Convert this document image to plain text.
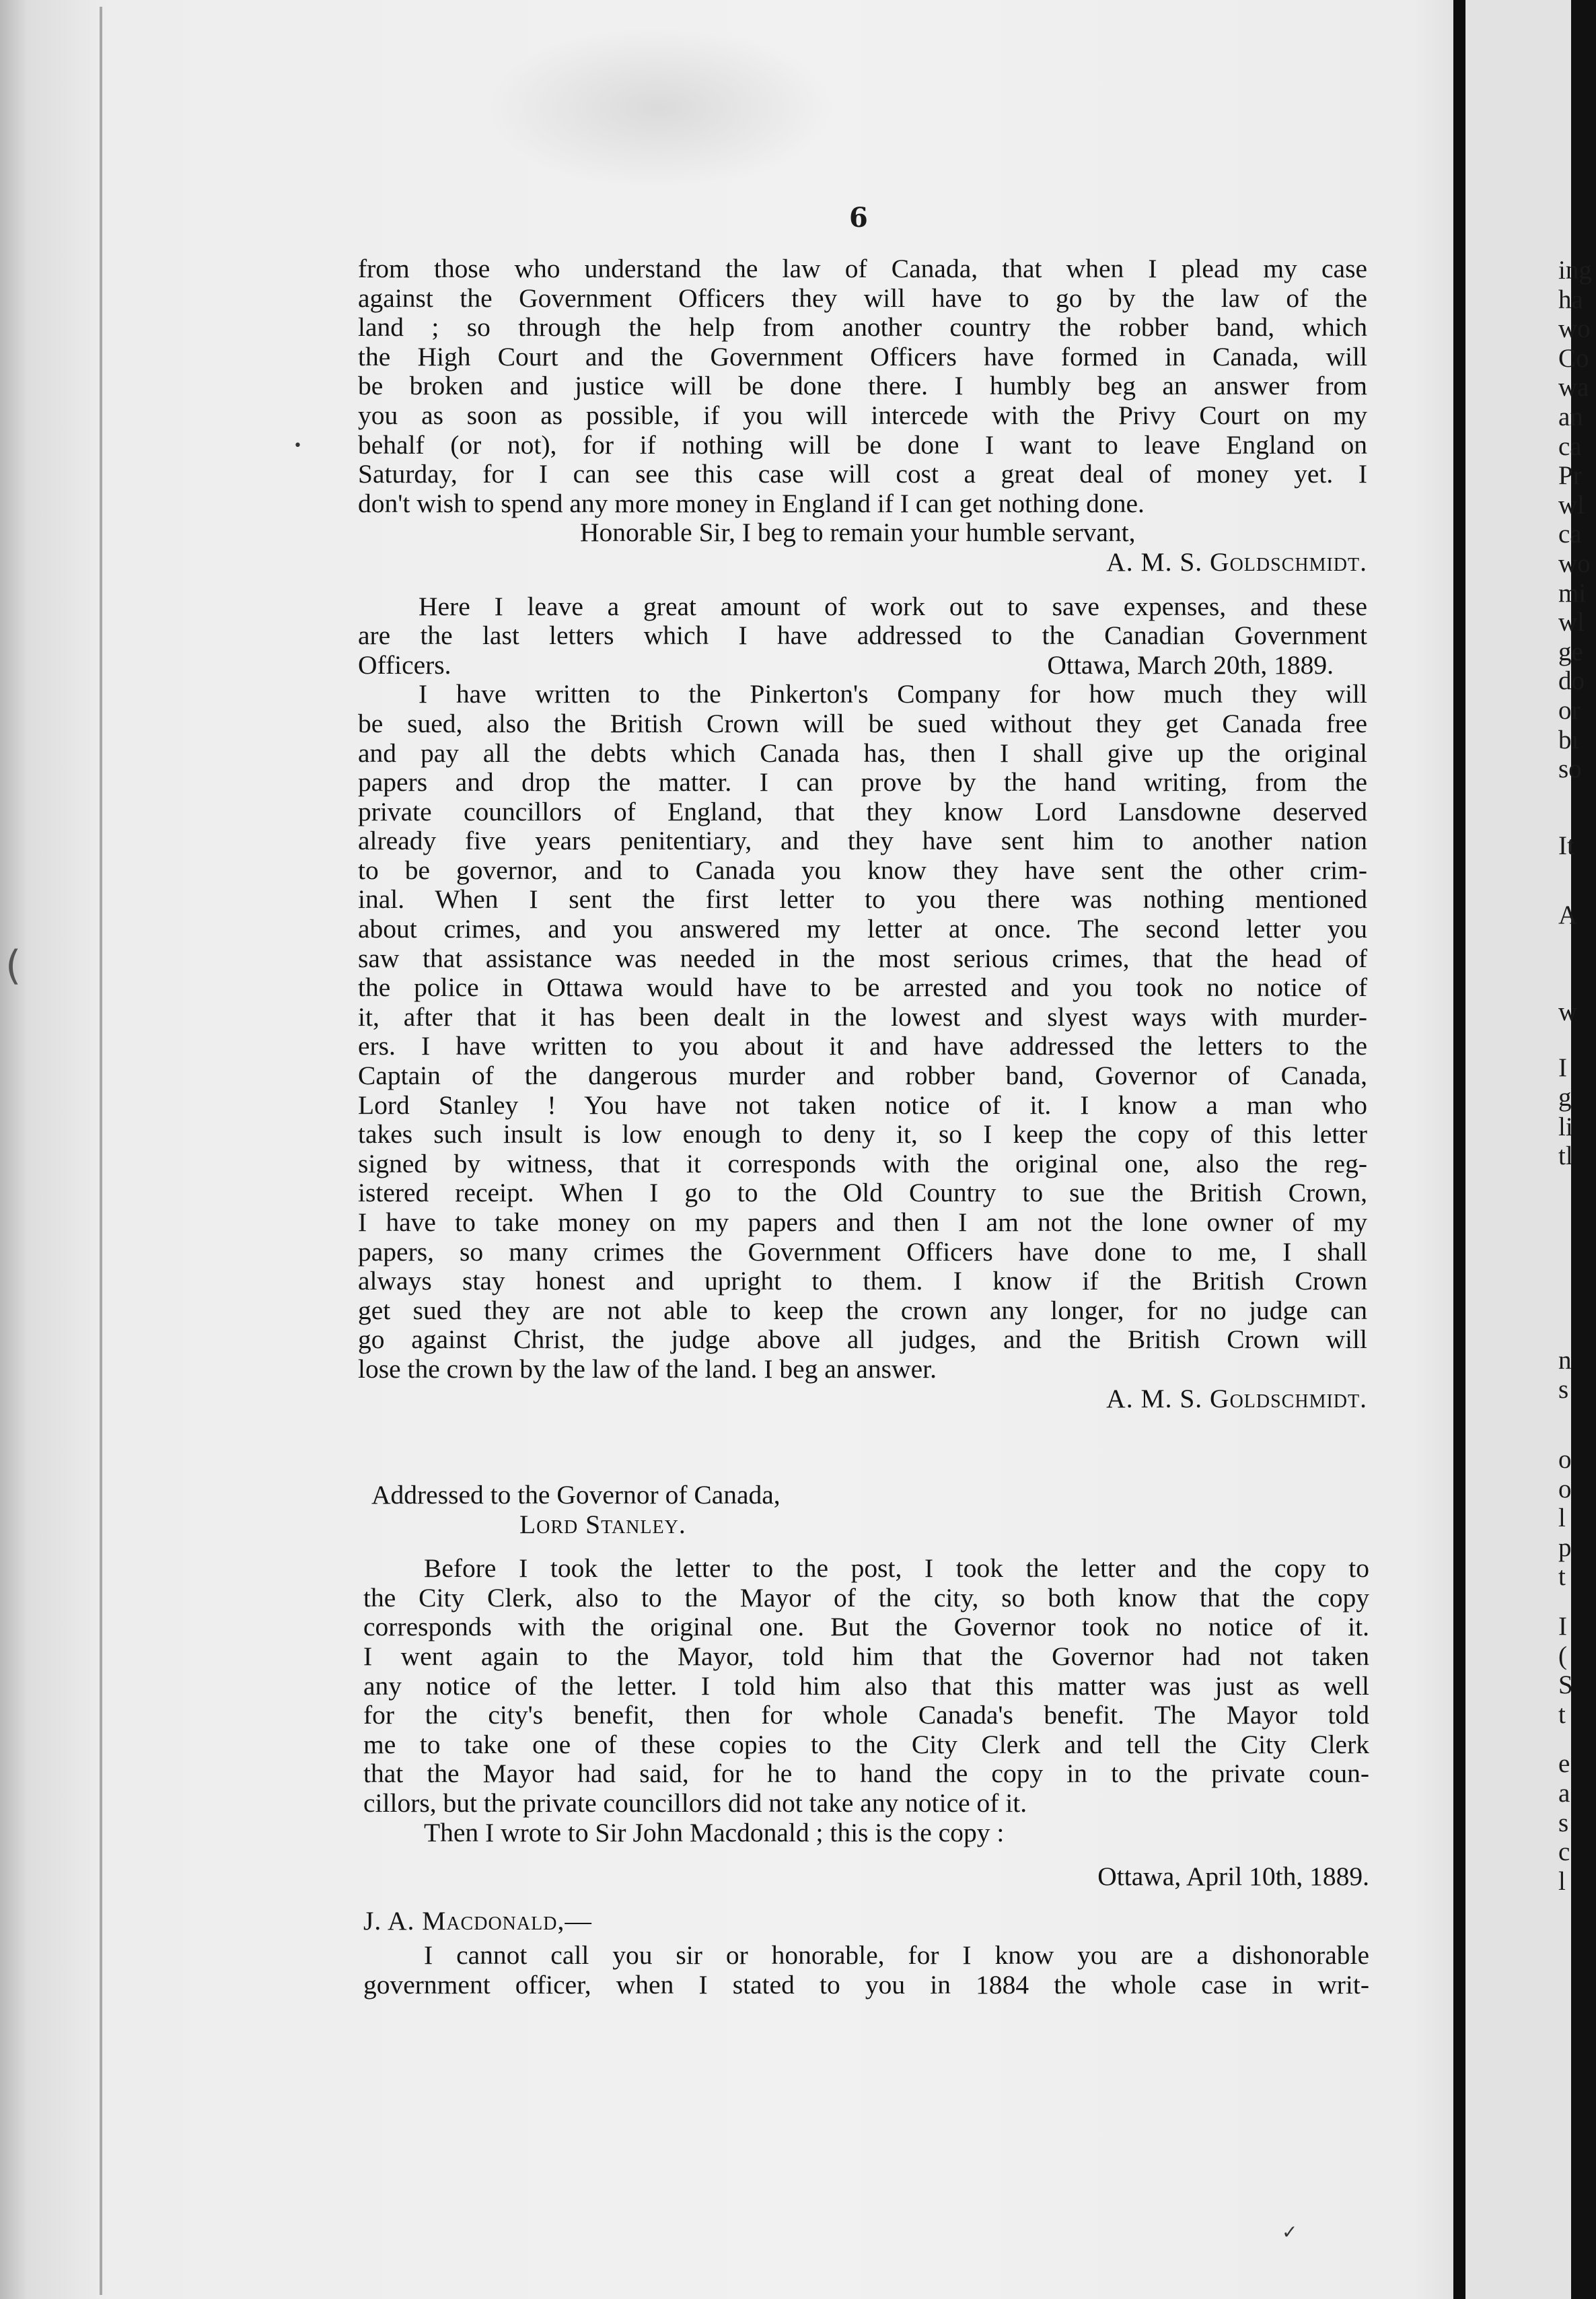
6
from those who understand the law of Canada, that when I plead my case
against the Government Officers they will have to go by the law of the
land ; so through the help from another country the robber band, which
the High Court and the Government Officers have formed in Canada, will
be broken and justice will be done there. I humbly beg an answer from
you as soon as possible, if you will intercede with the Privy Court on my
behalf (or not), for if nothing will be done I want to leave England on
Saturday, for I can see this case will cost a great deal of money yet. I
don't wish to spend any more money in England if I can get nothing done.
Honorable Sir, I beg to remain your humble servant,
A. M. S. Goldschmidt.
Here I leave a great amount of work out to save expenses, and these
are the last letters which I have addressed to the Canadian Government
Officers.	Ottawa, March 20th, 1889.
I have written to the Pinkerton's Company for how much they will
be sued, also the British Crown will be sued without they get Canada free
and pay all the debts which Canada has, then I shall give up the original
papers and drop the matter. I can prove by the hand writing, from the
private councillors of England, that they know Lord Lansdowne deserved
already five years penitentiary, and they have sent him to another nation
to be governor, and to Canada you know they have sent the other crim-
inal. When I sent the first letter to you there was nothing mentioned
about crimes, and you answered my letter at once. The second letter you
saw that assistance was needed in the most serious crimes, that the head of
the police in Ottawa would have to be arrested and you took no notice of
it, after that it has been dealt in the lowest and slyest ways with murder-
ers. I have written to you about it and have addressed the letters to the
Captain of the dangerous murder and robber band, Governor of Canada,
Lord Stanley ! You have not taken notice of it. I know a man who
takes such insult is low enough to deny it, so I keep the copy of this letter
signed by witness, that it corresponds with the original one, also the reg-
istered receipt. When I go to the Old Country to sue the British Crown,
I have to take money on my papers and then I am not the lone owner of my
papers, so many crimes the Government Officers have done to me, I shall
always stay honest and upright to them. I know if the British Crown
get sued they are not able to keep the crown any longer, for no judge can
go against Christ, the judge above all judges, and the British Crown will
lose the crown by the law of the land. I beg an answer.
A. M. S. Goldschmidt.
Addressed to the Governor of Canada,
Lord Stanley.
Before I took the letter to the post, I took the letter and the copy to
the City Clerk, also to the Mayor of the city, so both know that the copy
corresponds with the original one. But the Governor took no notice of it.
I went again to the Mayor, told him that the Governor had not taken
any notice of the letter. I told him also that this matter was just as well
for the city's benefit, then for whole Canada's benefit. The Mayor told
me to take one of these copies to the City Clerk and tell the City Clerk
that the Mayor had said, for he to hand the copy in to the private coun-
cillors, but the private councillors did not take any notice of it.
Then I wrote to Sir John Macdonald ; this is the copy :
Ottawa, April 10th, 1889.
J. A. Macdonald,—
I cannot call you sir or honorable, for I know you are a dishonorable
government officer, when I stated to you in 1884 the whole case in writ-
ing
ha
wo
Co
wa
an
ca
Pr
wl
ca
wo
mi
wl
ge
do
or
bı
so
It
A
w
I
g
li
tl
n
s
o
o
l
p
t
I
(
S
t
e
a
s
c
l
•
(
✓
